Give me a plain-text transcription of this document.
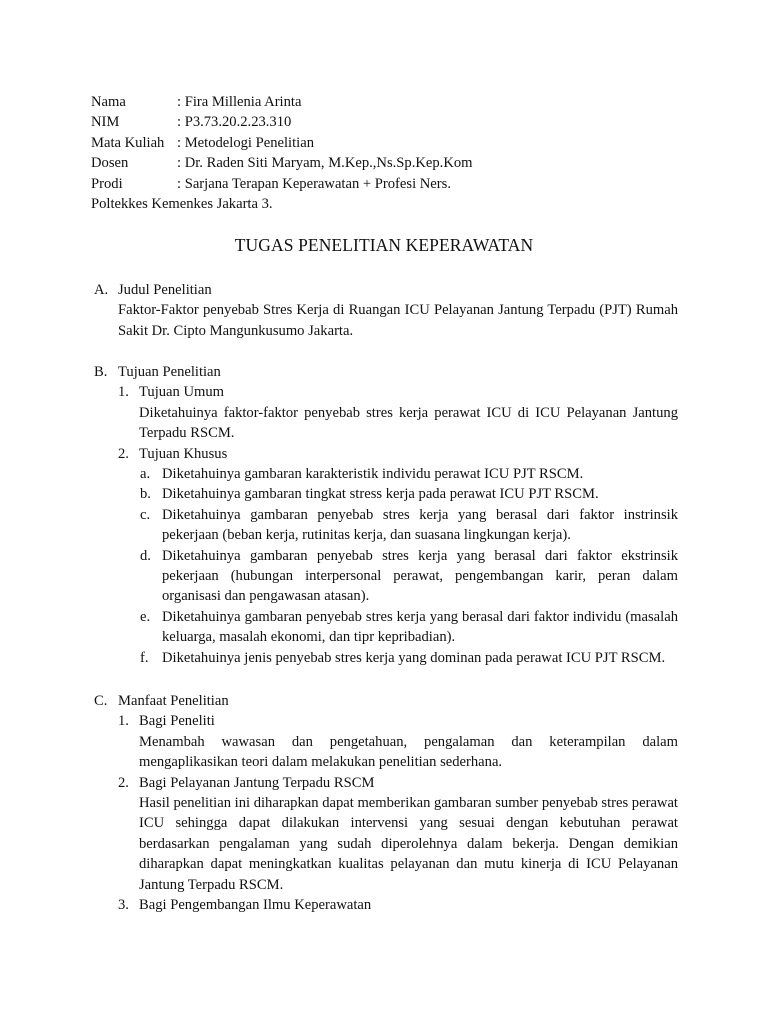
Nama	: Fira Millenia Arinta
NIM	: P3.73.20.2.23.310
Mata Kuliah : Metodelogi Penelitian
Dosen	: Dr. Raden Siti Maryam, M.Kep.,Ns.Sp.Kep.Kom
Prodi	: Sarjana Terapan Keperawatan + Profesi Ners.
Poltekkes Kemenkes Jakarta 3.
TUGAS PENELITIAN KEPERAWATAN
A. Judul Penelitian
Faktor-Faktor penyebab Stres Kerja di Ruangan ICU Pelayanan Jantung Terpadu (PJT) Rumah Sakit Dr. Cipto Mangunkusumo Jakarta.
B. Tujuan Penelitian
1. Tujuan Umum
Diketahuinya faktor-faktor penyebab stres kerja perawat ICU di ICU Pelayanan Jantung Terpadu RSCM.
2. Tujuan Khusus
a. Diketahuinya gambaran karakteristik individu perawat ICU PJT RSCM.
b. Diketahuinya gambaran tingkat stress kerja pada perawat ICU PJT RSCM.
c. Diketahuinya gambaran penyebab stres kerja yang berasal dari faktor instrinsik pekerjaan (beban kerja, rutinitas kerja, dan suasana lingkungan kerja).
d. Diketahuinya gambaran penyebab stres kerja yang berasal dari faktor ekstrinsik pekerjaan (hubungan interpersonal perawat, pengembangan karir, peran dalam organisasi dan pengawasan atasan).
e. Diketahuinya gambaran penyebab stres kerja yang berasal dari faktor individu (masalah keluarga, masalah ekonomi, dan tipr kepribadian).
f. Diketahuinya jenis penyebab stres kerja yang dominan pada perawat ICU PJT RSCM.
C. Manfaat Penelitian
1. Bagi Peneliti
Menambah wawasan dan pengetahuan, pengalaman dan keterampilan dalam mengaplikasikan teori dalam melakukan penelitian sederhana.
2. Bagi Pelayanan Jantung Terpadu RSCM
Hasil penelitian ini diharapkan dapat memberikan gambaran sumber penyebab stres perawat ICU sehingga dapat dilakukan intervensi yang sesuai dengan kebutuhan perawat berdasarkan pengalaman yang sudah diperolehnya dalam bekerja. Dengan demikian diharapkan dapat meningkatkan kualitas pelayanan dan mutu kinerja di ICU Pelayanan Jantung Terpadu RSCM.
3. Bagi Pengembangan Ilmu Keperawatan
